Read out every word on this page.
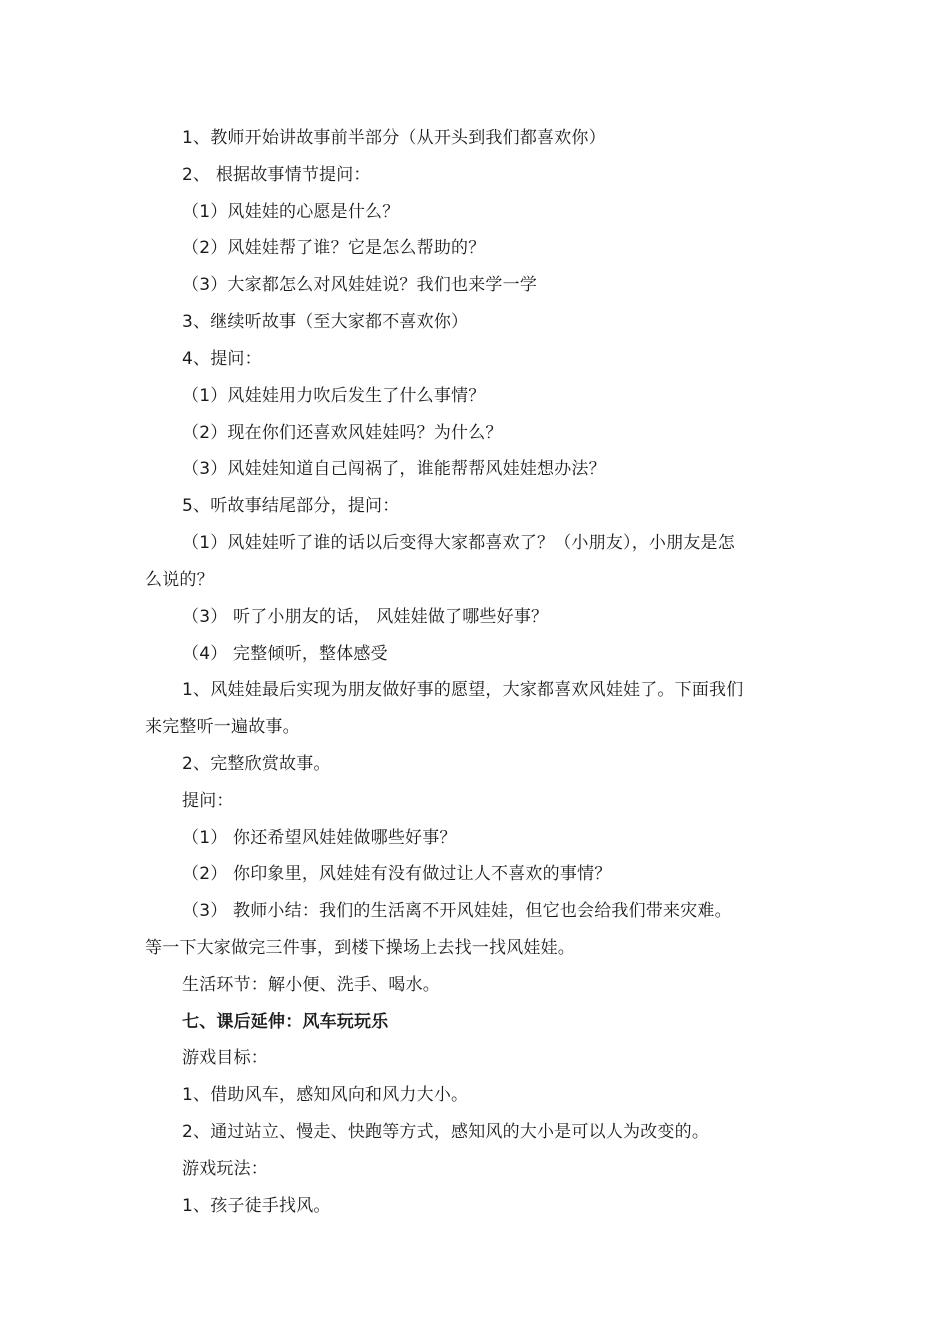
1、教师开始讲故事前半部分（从开头到我们都喜欢你）
2、 根据故事情节提问：
（1）风娃娃的心愿是什么？
（2）风娃娃帮了谁？它是怎么帮助的？
（3）大家都怎么对风娃娃说？我们也来学一学
3、继续听故事（至大家都不喜欢你）
4、提问：
（1）风娃娃用力吹后发生了什么事情？
（2）现在你们还喜欢风娃娃吗？为什么？
（3）风娃娃知道自己闯祸了，谁能帮帮风娃娃想办法？
5、听故事结尾部分，提问：
（1）风娃娃听了谁的话以后变得大家都喜欢了？（小朋友），小朋友是怎
么说的？
（3） 听了小朋友的话， 风娃娃做了哪些好事？
（4） 完整倾听，整体感受
1、风娃娃最后实现为朋友做好事的愿望，大家都喜欢风娃娃了。下面我们
来完整听一遍故事。
2、完整欣赏故事。
提问：
（1） 你还希望风娃娃做哪些好事？
（2） 你印象里，风娃娃有没有做过让人不喜欢的事情？
（3） 教师小结：我们的生活离不开风娃娃，但它也会给我们带来灾难。
等一下大家做完三件事，到楼下操场上去找一找风娃娃。
生活环节：解小便、洗手、喝水。
七、课后延伸：风车玩玩乐
游戏目标：
1、借助风车，感知风向和风力大小。
2、通过站立、慢走、快跑等方式，感知风的大小是可以人为改变的。
游戏玩法：
1、孩子徒手找风。
